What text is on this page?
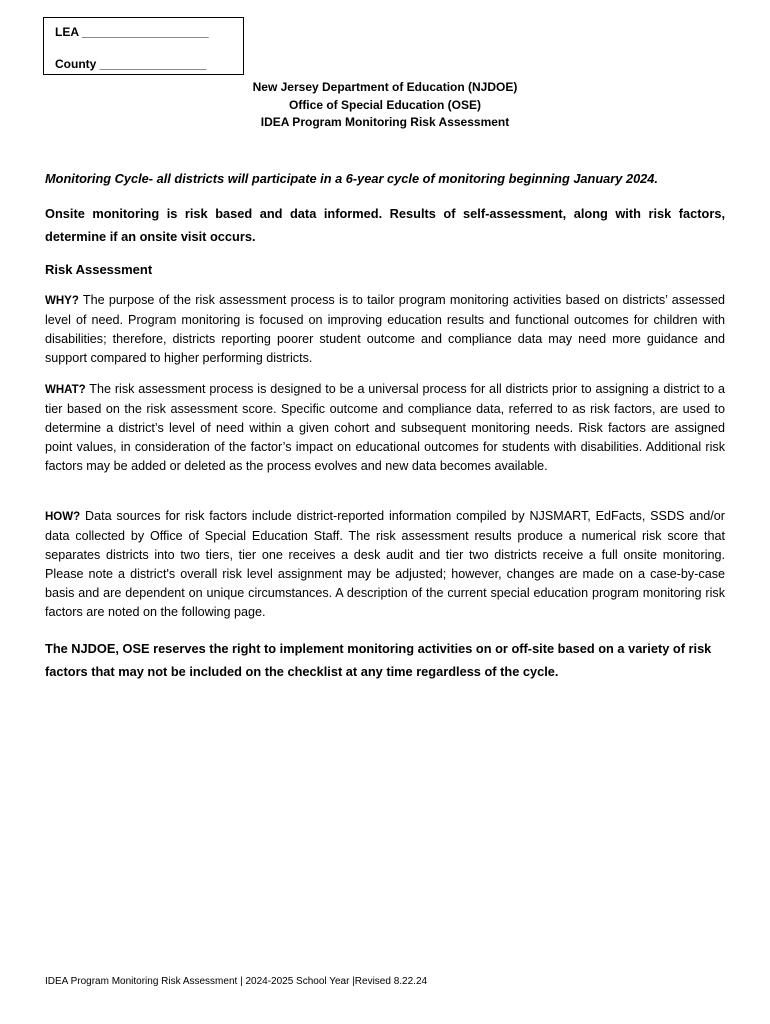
LEA ___________________
County ________________
New Jersey Department of Education (NJDOE)
Office of Special Education (OSE)
IDEA Program Monitoring Risk Assessment
Monitoring Cycle- all districts will participate in a 6-year cycle of monitoring beginning January 2024.
Onsite monitoring is risk based and data informed. Results of self-assessment, along with risk factors, determine if an onsite visit occurs.
Risk Assessment
WHY? The purpose of the risk assessment process is to tailor program monitoring activities based on districts’ assessed level of need. Program monitoring is focused on improving education results and functional outcomes for children with disabilities; therefore, districts reporting poorer student outcome and compliance data may need more guidance and support compared to higher performing districts.
WHAT? The risk assessment process is designed to be a universal process for all districts prior to assigning a district to a tier based on the risk assessment score. Specific outcome and compliance data, referred to as risk factors, are used to determine a district’s level of need within a given cohort and subsequent monitoring needs. Risk factors are assigned point values, in consideration of the factor’s impact on educational outcomes for students with disabilities. Additional risk factors may be added or deleted as the process evolves and new data becomes available.
HOW? Data sources for risk factors include district-reported information compiled by NJSMART, EdFacts, SSDS and/or data collected by Office of Special Education Staff. The risk assessment results produce a numerical risk score that separates districts into two tiers, tier one receives a desk audit and tier two districts receive a full onsite monitoring. Please note a district's overall risk level assignment may be adjusted; however, changes are made on a case-by-case basis and are dependent on unique circumstances. A description of the current special education program monitoring risk factors are noted on the following page.
The NJDOE, OSE reserves the right to implement monitoring activities on or off-site based on a variety of risk factors that may not be included on the checklist at any time regardless of the cycle.
IDEA Program Monitoring Risk Assessment | 2024-2025 School Year |Revised 8.22.24
